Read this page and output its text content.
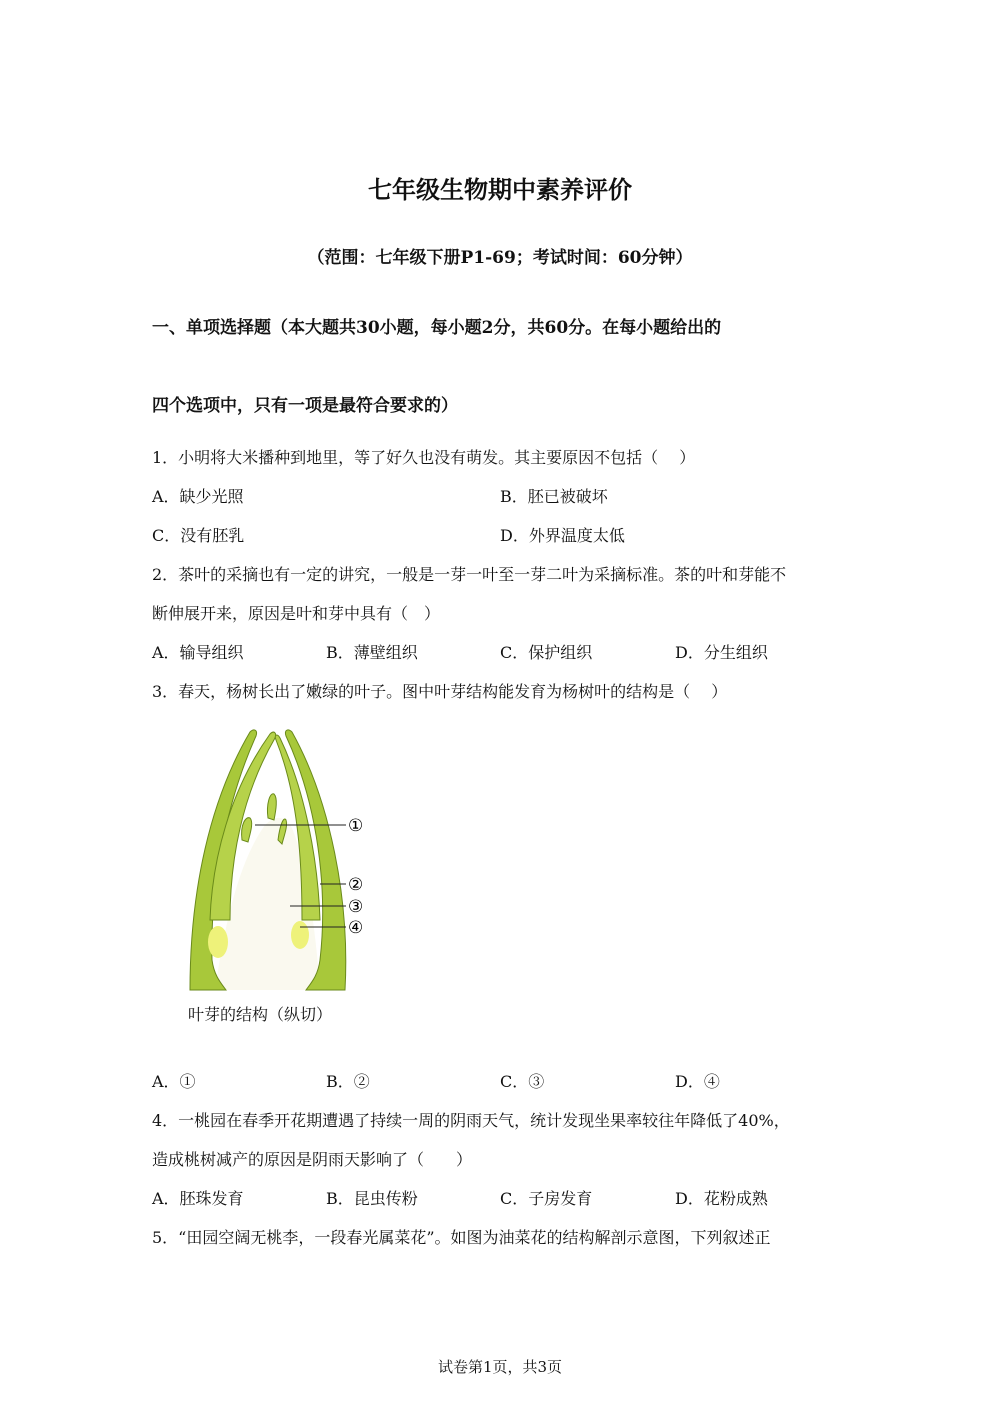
七年级生物期中素养评价
（范围：七年级下册P1-69；考试时间：60分钟）
一、单项选择题（本大题共30小题，每小题2分，共60分。在每小题给出的
四个选项中，只有一项是最符合要求的）
1．小明将大米播种到地里，等了好久也没有萌发。其主要原因不包括（　 ）
A．缺少光照	B．胚已被破坏
C．没有胚乳	D．外界温度太低
2．茶叶的采摘也有一定的讲究，一般是一芽一叶至一芽二叶为采摘标准。茶的叶和芽能不
断伸展开来，原因是叶和芽中具有（　）
A．输导组织	B．薄壁组织	C．保护组织	D．分生组织
3．春天，杨树长出了嫩绿的叶子。图中叶芽结构能发育为杨树叶的结构是（　 ）
①
②
③
④
叶芽的结构（纵切）
A．①	B．②	C．③	D．④
4．一桃园在春季开花期遭遇了持续一周的阴雨天气，统计发现坐果率较往年降低了40%，
造成桃树减产的原因是阴雨天影响了（　　）
A．胚珠发育	B．昆虫传粉	C．子房发育	D．花粉成熟
5．“田园空阔无桃李，一段春光属菜花”。如图为油菜花的结构解剖示意图，下列叙述正
试卷第1页，共3页
